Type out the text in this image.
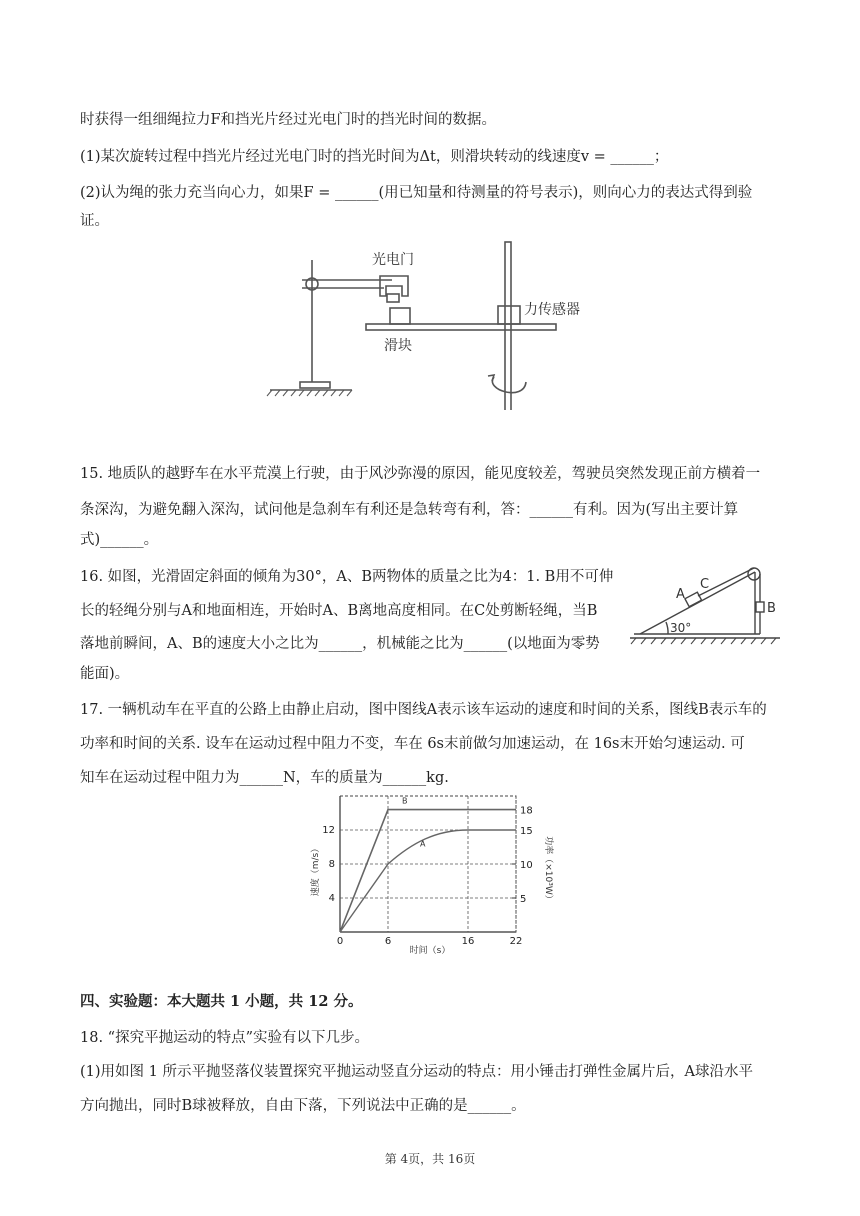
时获得一组细绳拉力F和挡光片经过光电门时的挡光时间的数据。
(1)某次旋转过程中挡光片经过光电门时的挡光时间为Δt，则滑块转动的线速度v = ______；
(2)认为绳的张力充当向心力，如果F = ______(用已知量和待测量的符号表示)，则向心力的表达式得到验
证。
光电门
力传感器
滑块
15. 地质队的越野车在水平荒漠上行驶，由于风沙弥漫的原因，能见度较差，驾驶员突然发现正前方横着一
条深沟，为避免翻入深沟，试问他是急刹车有利还是急转弯有利，答：______有利。因为(写出主要计算
式)______。
16. 如图，光滑固定斜面的倾角为30°，A、B两物体的质量之比为4：1. B用不可伸
长的轻绳分别与A和地面相连，开始时A、B离地高度相同。在C处剪断轻绳，当B
落地前瞬间，A、B的速度大小之比为______，机械能之比为______(以地面为零势
能面)。
A
C
B
30°
17. 一辆机动车在平直的公路上由静止启动，图中图线A表示该车运动的速度和时间的关系，图线B表示车的
功率和时间的关系. 设车在运动过程中阻力不变，车在 6s末前做匀加速运动，在 16s末开始匀速运动. 可
知车在运动过程中阻力为______N，车的质量为______kg.
0	6	16	22
4
8
12
5
10
15
18
A
B
时间（s）
速度（m/s）	功率（×10³W）
四、实验题：本大题共 1 小题，共 12 分。
18. “探究平抛运动的特点”实验有以下几步。
(1)用如图 1 所示平抛竖落仪装置探究平抛运动竖直分运动的特点：用小锤击打弹性金属片后，A球沿水平
方向抛出，同时B球被释放，自由下落，下列说法中正确的是______。
第 4页，共 16页
